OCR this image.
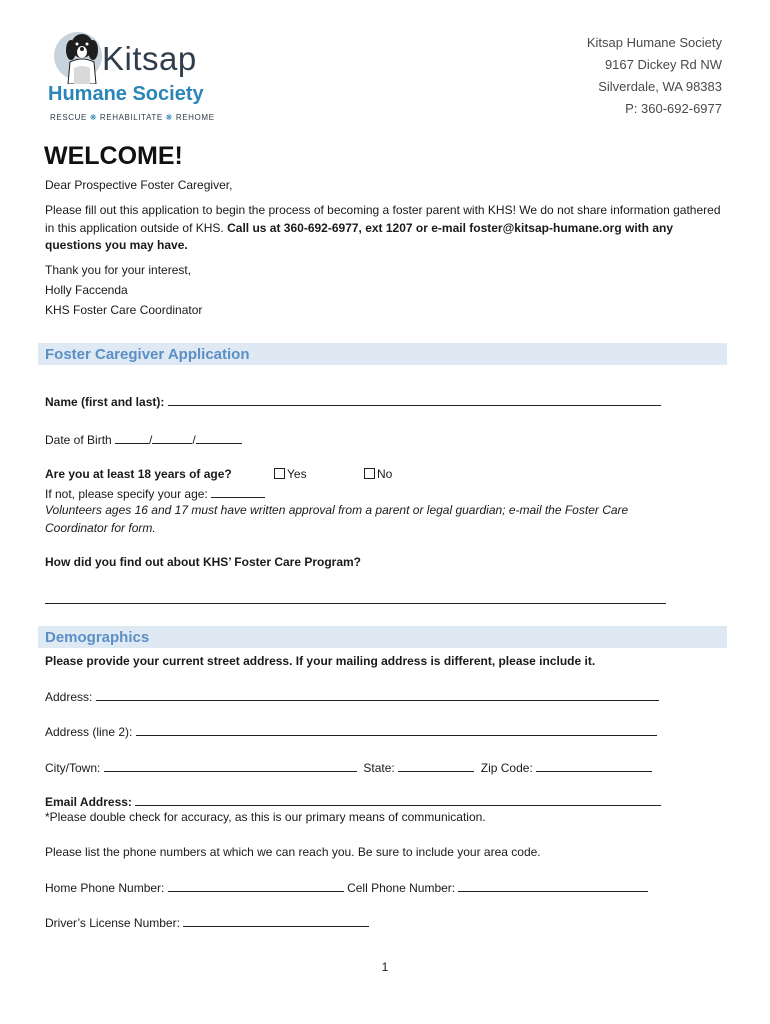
Kitsap
Humane Society
RESCUE ❋ REHABILITATE ❋ REHOME
Kitsap Humane Society
9167 Dickey Rd NW
Silverdale, WA 98383
P: 360-692-6977
WELCOME!
Dear Prospective Foster Caregiver,
Please fill out this application to begin the process of becoming a foster parent with KHS! We do not share information gathered in this application outside of KHS. Call us at 360-692-6977, ext 1207 or e-mail foster@kitsap-humane.org with any questions you may have.
Thank you for your interest,
Holly Faccenda
KHS Foster Care Coordinator
Foster Caregiver Application
Name (first and last):
Date of Birth	/	/
Are you at least 18 years of age?	Yes	No
If not, please specify your age:
Volunteers ages 16 and 17 must have written approval from a parent or legal guardian; e-mail the Foster Care Coordinator for form.
How did you find out about KHS’ Foster Care Program?
Demographics
Please provide your current street address. If your mailing address is different, please include it.
Address:
Address (line 2):
City/Town:	State:	Zip Code:
Email Address:
*Please double check for accuracy, as this is our primary means of communication.
Please list the phone numbers at which we can reach you. Be sure to include your area code.
Home Phone Number:	Cell Phone Number:
Driver’s License Number:
1
